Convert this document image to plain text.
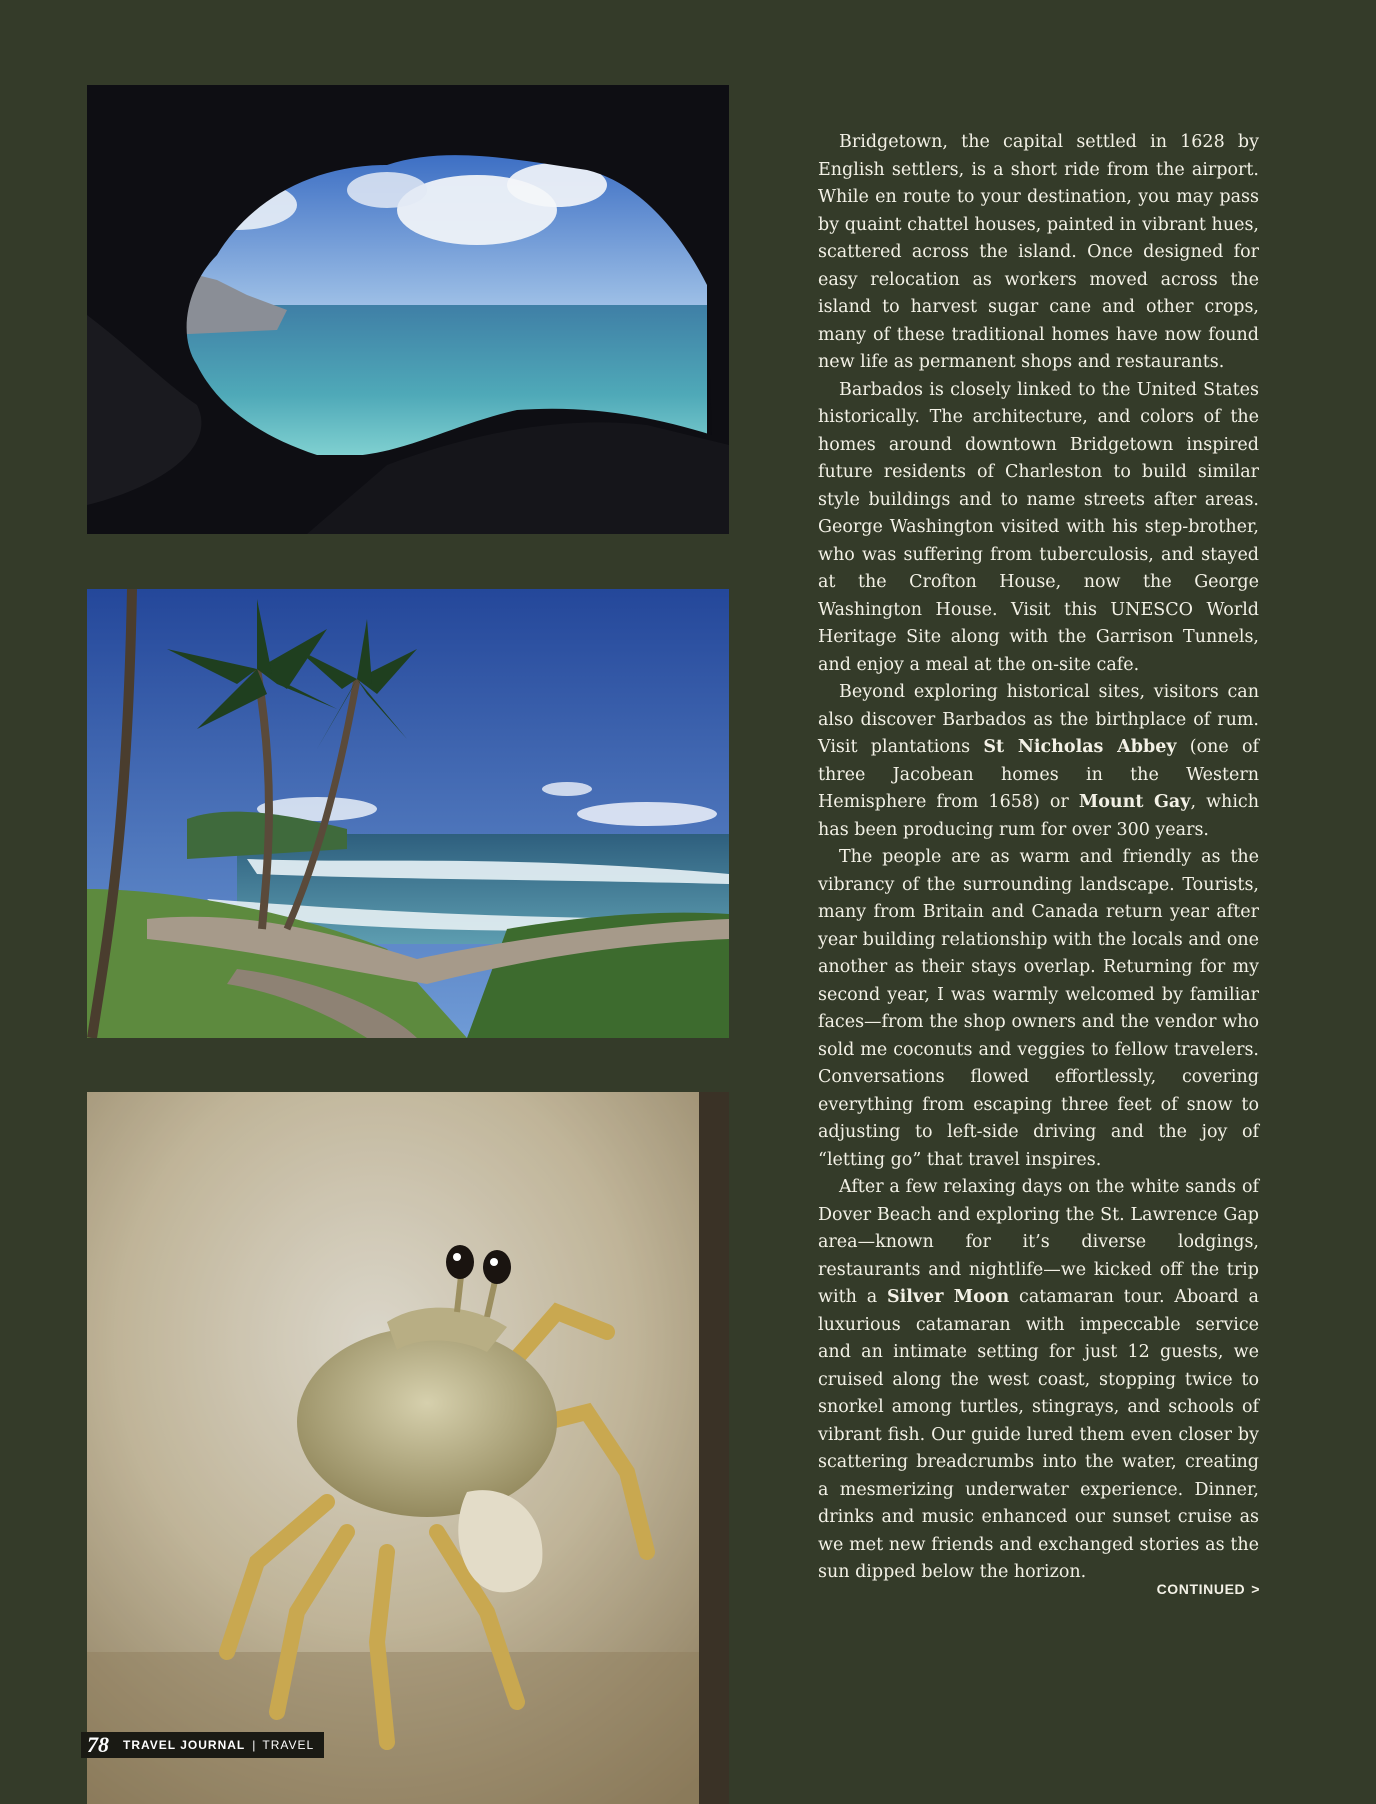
Bridgetown, the capital settled in 1628 by English settlers, is a short ride from the airport. While en route to your destination, you may pass by quaint chattel houses, painted in vibrant hues, scattered across the island. Once designed for easy relocation as workers moved across the island to harvest sugar cane and other crops, many of these traditional homes have now found new life as permanent shops and restaurants.

Barbados is closely linked to the United States historically. The architecture, and colors of the homes around downtown Bridgetown inspired future residents of Charleston to build similar style buildings and to name streets after areas. George Washington visited with his step-brother, who was suffering from tuberculosis, and stayed at the Crofton House, now the George Washington House. Visit this UNESCO World Heritage Site along with the Garrison Tunnels, and enjoy a meal at the on-site cafe.

Beyond exploring historical sites, visitors can also discover Barbados as the birthplace of rum. Visit plantations St Nicholas Abbey (one of three Jacobean homes in the Western Hemisphere from 1658) or Mount Gay, which has been producing rum for over 300 years.

The people are as warm and friendly as the vibrancy of the surrounding landscape. Tourists, many from Britain and Canada return year after year building relationship with the locals and one another as their stays overlap. Returning for my second year, I was warmly welcomed by familiar faces—from the shop owners and the vendor who sold me coconuts and veggies to fellow travelers. Conversations flowed effortlessly, covering everything from escaping three feet of snow to adjusting to left-side driving and the joy of “letting go” that travel inspires.

After a few relaxing days on the white sands of Dover Beach and exploring the St. Lawrence Gap area—known for it’s diverse lodgings, restaurants and nightlife—we kicked off the trip with a Silver Moon catamaran tour. Aboard a luxurious catamaran with impeccable service and an intimate setting for just 12 guests, we cruised along the west coast, stopping twice to snorkel among turtles, stingrays, and schools of vibrant fish. Our guide lured them even closer by scattering breadcrumbs into the water, creating a mesmerizing underwater experience. Dinner, drinks and music enhanced our sunset cruise as we met new friends and exchanged stories as the sun dipped below the horizon.

CONTINUED >
78 TRAVEL JOURNAL | TRAVEL
